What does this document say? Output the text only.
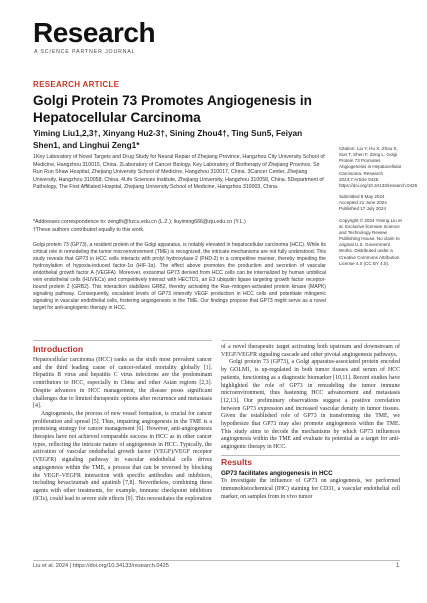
Research
A SCIENCE PARTNER JOURNAL
RESEARCH ARTICLE
Golgi Protein 73 Promotes Angiogenesis in Hepatocellular Carcinoma
Yiming Liu1,2,3†, Xinyang Hu2-3†, Sining Zhou4†, Ting Sun5, Feiyan Shen1, and Linghui Zeng1*
1Key Laboratory of Novel Targets and Drug Study for Neural Repair of Zhejiang Province, Hangzhou City University School of Medicine, Hangzhou 310015, China. 2Laboratory of Cancer Biology, Key Laboratory of Biotherapy of Zhejiang Province, Sir Run Run Shaw Hospital, Zhejiang University School of Medicine, Hangzhou 310017, China. 3Cancer Center, Zhejiang University, Hangzhou 310058, China. 4Life Sciences Institute, Zhejiang University, Hangzhou 310058, China. 5Department of Pathology, The First Affiliated Hospital, Zhejiang University School of Medicine, Hangzhou 310003, China.
*Addresses correspondence to: zenglh@hzcu.edu.cn (L.Z.); liuyiming666@zju.edu.cn (Y.L.)
†These authors contributed equally to this work.
Golgi protein 73 (GP73), a resident protein of the Golgi apparatus, is notably elevated in hepatocellular carcinoma (HCC). While its critical role in remodeling the tumor microenvironment (TME) is recognized, the intricate mechanisms are not fully understood. This study reveals that GP73 in HCC cells interacts with prolyl hydroxylase-2 (PHD-2) in a competitive manner, thereby impeding the hydroxylation of hypoxia-induced factor-1α (HIF-1α). The effect above promotes the production and secretion of vascular endothelial growth factor A (VEGFA). Moreover, exosomal GP73 derived from HCC cells can be internalized by human umbilical vein endothelial cells (HUVECs) and competitively interact with HECTD1, an E3 ubiquitin ligase targeting growth factor receptor-bound protein 2 (GRB2). This interaction stabilizes GRB2, thereby activating the Ras–mitogen-activated protein kinase (MAPK) signaling pathway. Consequently, escalated levels of GP73 intensify VEGF production in HCC cells and potentiate mitogenic signaling in vascular endothelial cells, fostering angiogenesis in the TME. Our findings propose that GP73 might serve as a novel target for anti-angiogenic therapy in HCC.
Citation: Liu Y, Hu X, Zhou S, Sun T, Shen F, Zeng L. Golgi Protein 73 Promotes Angiogenesis in Hepatocellular Carcinoma. Research 2024;7:Article 0425. https://doi.org/10.34133/research.0425
Submitted 8 May 2024
Accepted 21 June 2024
Published 17 July 2024
Copyright © 2024 Yiming Liu et al. Exclusive licensee Science and Technology Review Publishing House. No claim to original U.S. Government Works. Distributed under a Creative Commons Attribution License 4.0 (CC BY 4.0).
Introduction
Hepatocellular carcinoma (HCC) ranks as the sixth most prevalent cancer and the third leading cause of cancer-related mortality globally [1]. Hepatitis B virus and hepatitis C virus infections are the predominant contributors to HCC, especially in China and other Asian regions [2,3]. Despite advances in HCC management, the disease poses significant challenges due to limited therapeutic options after recurrence and metastasis [4].
Angiogenesis, the process of new vessel formation, is crucial for cancer proliferation and spread [5]. Thus, impairing angiogenesis in the TME is a promising strategy for cancer management [6]. However, anti-angiogenesis therapies have not achieved comparable success in HCC as in other cancer types, reflecting the intricate nature of angiogenesis in HCC. Typically, the activation of vascular endothelial growth factor (VEGF)/VEGF receptor (VEGFR) signaling pathway in vascular endothelial cells drives angiogenesis within the TME, a process that can be reversed by blocking the VEGF–VEGFR interaction with specific antibodies and inhibitors, including bevacizumab and apatinib [7,8]. Nevertheless, combining these agents with other treatments, for example, immune checkpoint inhibitors (ICIs), could lead to severe side effects [9]. This necessitates the exploration
of a novel therapeutic target activating both upstream and downstream of VEGF/VEGFR signaling cascade and other pivotal angiogenesis pathways.
Golgi protein 73 (GP73), a Golgi apparatus-associated protein encoded by GOLM1, is up-regulated in both tumor tissues and serum of HCC patients, functioning as a diagnostic biomarker [10,11]. Recent studies have highlighted the role of GP73 in remodeling the tumor immune microenvironment, thus hastening HCC advancement and metastasis [12,13]. Our preliminary observations suggest a positive correlation between GP73 expression and increased vascular density in tumor tissues. Given the established role of GP73 in transforming the TME, we hypothesize that GP73 may also promote angiogenesis within the TME. This study aims to decode the mechanisms by which GP73 influences angiogenesis within the TME and evaluate its potential as a target for anti-angiogenic therapy in HCC.
Results
GP73 facilitates angiogenesis in HCC
To investigate the influence of GP73 on angiogenesis, we performed immunohistochemical (IHC) staining for CD31, a vascular endothelial cell marker, on samples from in vivo tumor
Liu et al. 2024 | https://doi.org/10.34133/research.0425	1
